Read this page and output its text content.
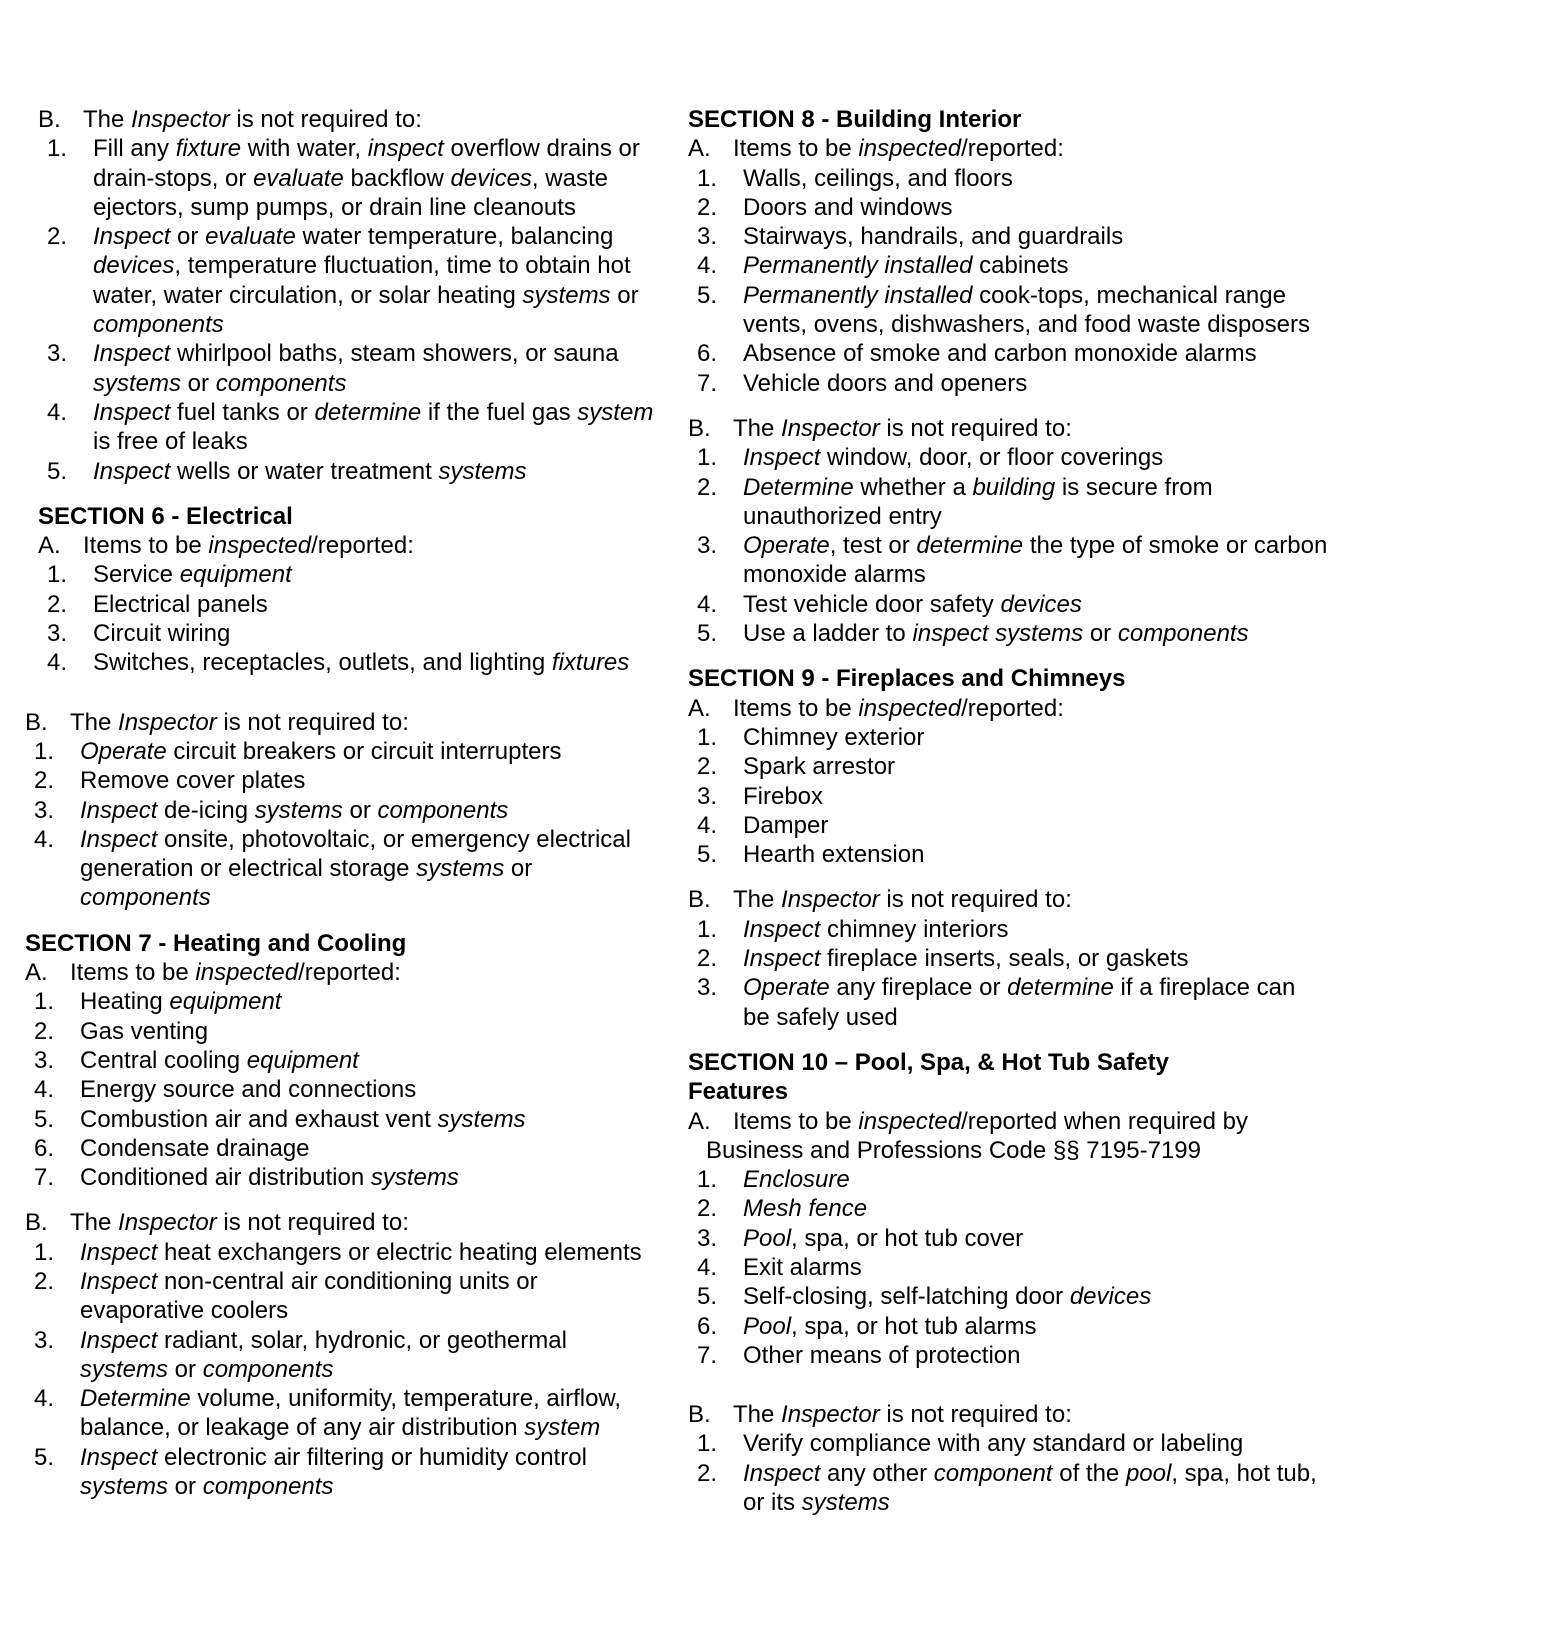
B. The Inspector is not required to:
1. Fill any fixture with water, inspect overflow drains or drain-stops, or evaluate backflow devices, waste ejectors, sump pumps, or drain line cleanouts
2. Inspect or evaluate water temperature, balancing devices, temperature fluctuation, time to obtain hot water, water circulation, or solar heating systems or components
3. Inspect whirlpool baths, steam showers, or sauna systems or components
4. Inspect fuel tanks or determine if the fuel gas system is free of leaks
5. Inspect wells or water treatment systems
SECTION 6 - Electrical
A. Items to be inspected/reported:
1. Service equipment
2. Electrical panels
3. Circuit wiring
4. Switches, receptacles, outlets, and lighting fixtures
B. The Inspector is not required to:
1. Operate circuit breakers or circuit interrupters
2. Remove cover plates
3. Inspect de-icing systems or components
4. Inspect onsite, photovoltaic, or emergency electrical generation or electrical storage systems or components
SECTION 7 - Heating and Cooling
A. Items to be inspected/reported:
1. Heating equipment
2. Gas venting
3. Central cooling equipment
4. Energy source and connections
5. Combustion air and exhaust vent systems
6. Condensate drainage
7. Conditioned air distribution systems
B. The Inspector is not required to:
1. Inspect heat exchangers or electric heating elements
2. Inspect non-central air conditioning units or evaporative coolers
3. Inspect radiant, solar, hydronic, or geothermal systems or components
4. Determine volume, uniformity, temperature, airflow, balance, or leakage of any air distribution system
5. Inspect electronic air filtering or humidity control systems or components
SECTION 8 - Building Interior
A. Items to be inspected/reported:
1. Walls, ceilings, and floors
2. Doors and windows
3. Stairways, handrails, and guardrails
4. Permanently installed cabinets
5. Permanently installed cook-tops, mechanical range vents, ovens, dishwashers, and food waste disposers
6. Absence of smoke and carbon monoxide alarms
7. Vehicle doors and openers
B. The Inspector is not required to:
1. Inspect window, door, or floor coverings
2. Determine whether a building is secure from unauthorized entry
3. Operate, test or determine the type of smoke or carbon monoxide alarms
4. Test vehicle door safety devices
5. Use a ladder to inspect systems or components
SECTION 9 - Fireplaces and Chimneys
A. Items to be inspected/reported:
1. Chimney exterior
2. Spark arrestor
3. Firebox
4. Damper
5. Hearth extension
B. The Inspector is not required to:
1. Inspect chimney interiors
2. Inspect fireplace inserts, seals, or gaskets
3. Operate any fireplace or determine if a fireplace can be safely used
SECTION 10 – Pool, Spa, & Hot Tub Safety Features
A. Items to be inspected/reported when required by
Business and Professions Code §§ 7195-7199
1. Enclosure
2. Mesh fence
3. Pool, spa, or hot tub cover
4. Exit alarms
5. Self-closing, self-latching door devices
6. Pool, spa, or hot tub alarms
7. Other means of protection
B. The Inspector is not required to:
1. Verify compliance with any standard or labeling
2. Inspect any other component of the pool, spa, hot tub, or its systems
